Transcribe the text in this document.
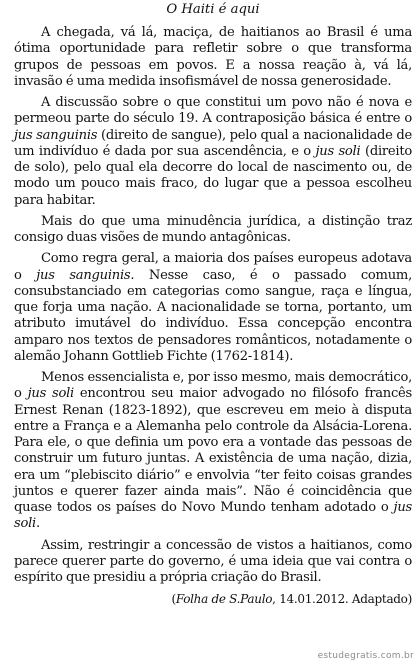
O Haiti é aqui

A chegada, vá lá, maciça, de haitianos ao Brasil é uma ótima oportunidade para refletir sobre o que transforma grupos de pessoas em povos. E a nossa reação à, vá lá, invasão é uma medida insofismável de nossa generosidade.

A discussão sobre o que constitui um povo não é nova e permeou parte do século 19. A contraposição básica é entre o jus sanguinis (direito de sangue), pelo qual a nacionalidade de um indivíduo é dada por sua ascendência, e o jus soli (direito de solo), pelo qual ela decorre do local de nascimento ou, de modo um pouco mais fraco, do lugar que a pessoa escolheu para habitar.

Mais do que uma minudência jurídica, a distinção traz consigo duas visões de mundo antagônicas.

Como regra geral, a maioria dos países europeus adotava o jus sanguinis. Nesse caso, é o passado comum, consubstanciado em categorias como sangue, raça e língua, que forja uma nação. A nacionalidade se torna, portanto, um atributo imutável do indivíduo. Essa concepção encontra amparo nos textos de pensadores românticos, notadamente o alemão Johann Gottlieb Fichte (1762-1814).

Menos essencialista e, por isso mesmo, mais democrático, o jus soli encontrou seu maior advogado no filósofo francês Ernest Renan (1823-1892), que escreveu em meio à disputa entre a França e a Alemanha pelo controle da Alsácia-Lorena. Para ele, o que definia um povo era a vontade das pessoas de construir um futuro juntas. A existência de uma nação, dizia, era um “plebiscito diário” e envolvia “ter feito coisas grandes juntos e querer fazer ainda mais”. Não é coincidência que quase todos os países do Novo Mundo tenham adotado o jus soli.

Assim, restringir a concessão de vistos a haitianos, como parece querer parte do governo, é uma ideia que vai contra o espírito que presidiu a própria criação do Brasil.

(Folha de S.Paulo, 14.01.2012. Adaptado)
estudegratis.com.br
